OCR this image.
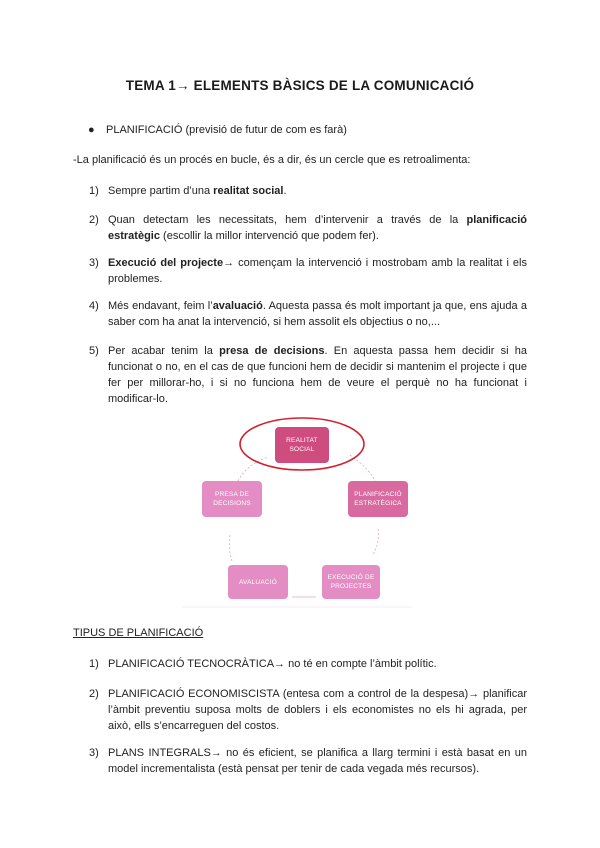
TEMA 1→ ELEMENTS BÀSICS DE LA COMUNICACIÓ
● PLANIFICACIÓ (previsió de futur de com es farà)
-La planificació és un procés en bucle, és a dir, és un cercle que es retroalimenta:
1) Sempre partim d’una realitat social.
2) Quan detectam les necessitats, hem d’intervenir a través de la planificació estratègic (escollir la millor intervenció que podem fer).
3) Execució del projecte→ començam la intervenció i mostrobam amb la realitat i els problemes.
4) Més endavant, feim l’avaluació. Aquesta passa és molt important ja que, ens ajuda a saber com ha anat la intervenció, si hem assolit els objectius o no,...
5) Per acabar tenim la presa de decisions. En aquesta passa hem decidir si ha funcionat o no, en el cas de que funcioni hem de decidir si mantenim el projecte i que fer per millorar-ho, i si no funciona hem de veure el perquè no ha funcionat i modificar-lo.
REALITAT SOCIAL
PLANIFICACIÓ ESTRATÈGICA
EXECUCIÓ DE PROJECTES
AVALUACIÓ
PRESA DE DECISIONS
TIPUS DE PLANIFICACIÓ
1) PLANIFICACIÓ TECNOCRÀTICA→ no té en compte l’àmbit polític.
2) PLANIFICACIÓ ECONOMISCISTA (entesa com a control de la despesa)→ planificar l’àmbit preventiu suposa molts de doblers i els economistes no els hi agrada, per això, ells s’encarreguen del costos.
3) PLANS INTEGRALS→ no és eficient, se planifica a llarg termini i està basat en un model incrementalista (està pensat per tenir de cada vegada més recursos).
